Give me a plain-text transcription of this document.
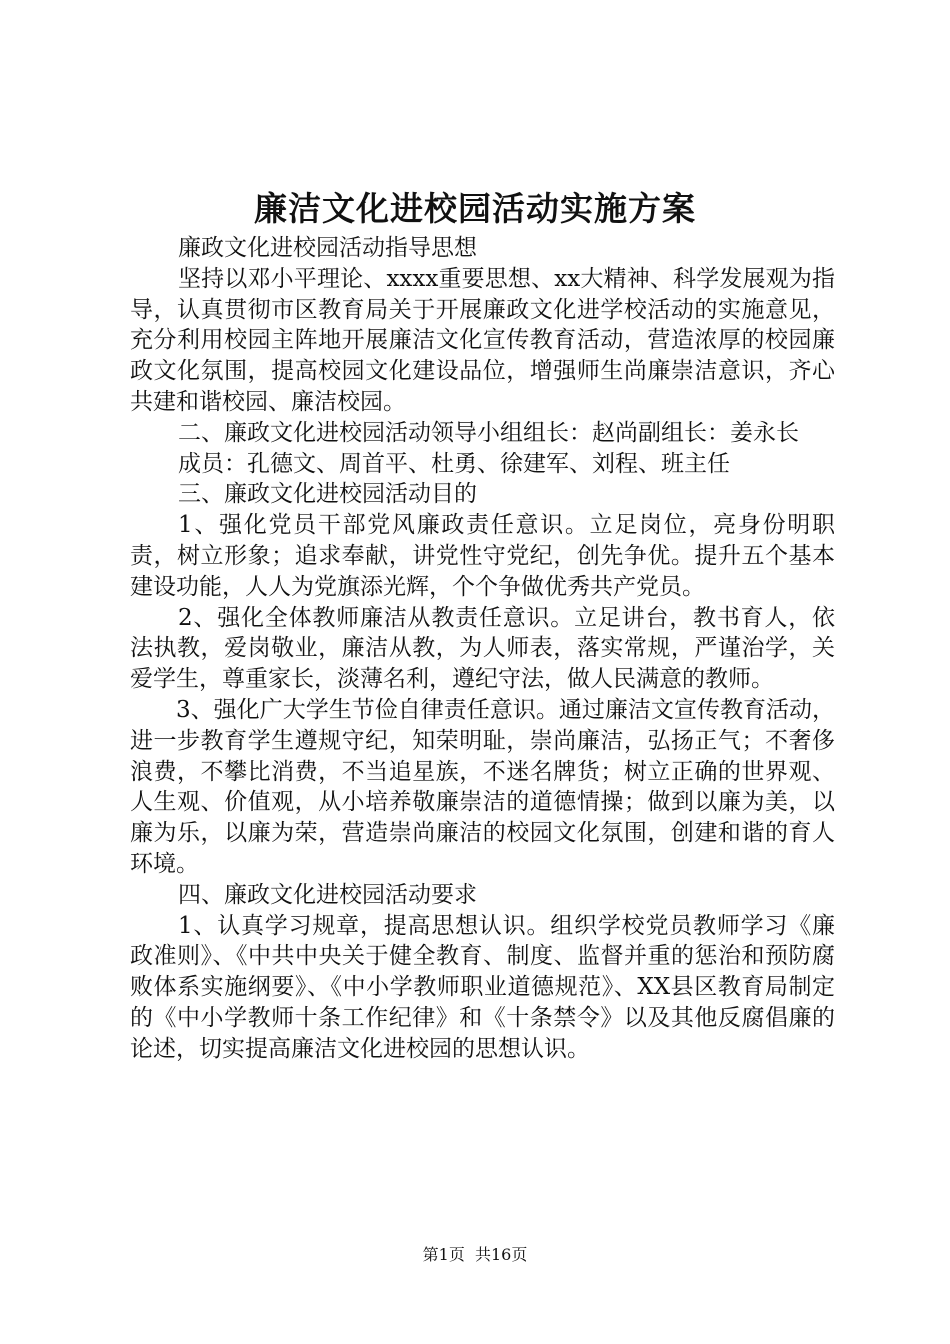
廉洁文化进校园活动实施方案

廉政文化进校园活动指导思想

坚持以邓小平理论、xxxx重要思想、xx大精神、科学发展观为指导，认真贯彻市区教育局关于开展廉政文化进学校活动的实施意见，充分利用校园主阵地开展廉洁文化宣传教育活动，营造浓厚的校园廉政文化氛围，提高校园文化建设品位，增强师生尚廉崇洁意识，齐心共建和谐校园、廉洁校园。

二、廉政文化进校园活动领导小组组长：赵尚副组长：姜永长

成员：孔德文、周首平、杜勇、徐建军、刘程、班主任

三、廉政文化进校园活动目的

1、强化党员干部党风廉政责任意识。立足岗位，亮身份明职责，树立形象；追求奉献，讲党性守党纪，创先争优。提升五个基本建设功能，人人为党旗添光辉，个个争做优秀共产党员。

2、强化全体教师廉洁从教责任意识。立足讲台，教书育人，依法执教，爱岗敬业，廉洁从教，为人师表，落实常规，严谨治学，关爱学生，尊重家长，淡薄名利，遵纪守法，做人民满意的教师。

3、强化广大学生节俭自律责任意识。通过廉洁文宣传教育活动，进一步教育学生遵规守纪，知荣明耻，崇尚廉洁，弘扬正气；不奢侈浪费，不攀比消费，不当追星族，不迷名牌货；树立正确的世界观、人生观、价值观，从小培养敬廉崇洁的道德情操；做到以廉为美，以廉为乐，以廉为荣，营造崇尚廉洁的校园文化氛围，创建和谐的育人环境。

四、廉政文化进校园活动要求

1、认真学习规章，提高思想认识。组织学校党员教师学习《廉政准则》、《中共中央关于健全教育、制度、监督并重的惩治和预防腐败体系实施纲要》、《中小学教师职业道德规范》、XX县区教育局制定的《中小学教师十条工作纪律》和《十条禁令》以及其他反腐倡廉的论述，切实提高廉洁文化进校园的思想认识。

第1页  共16页
